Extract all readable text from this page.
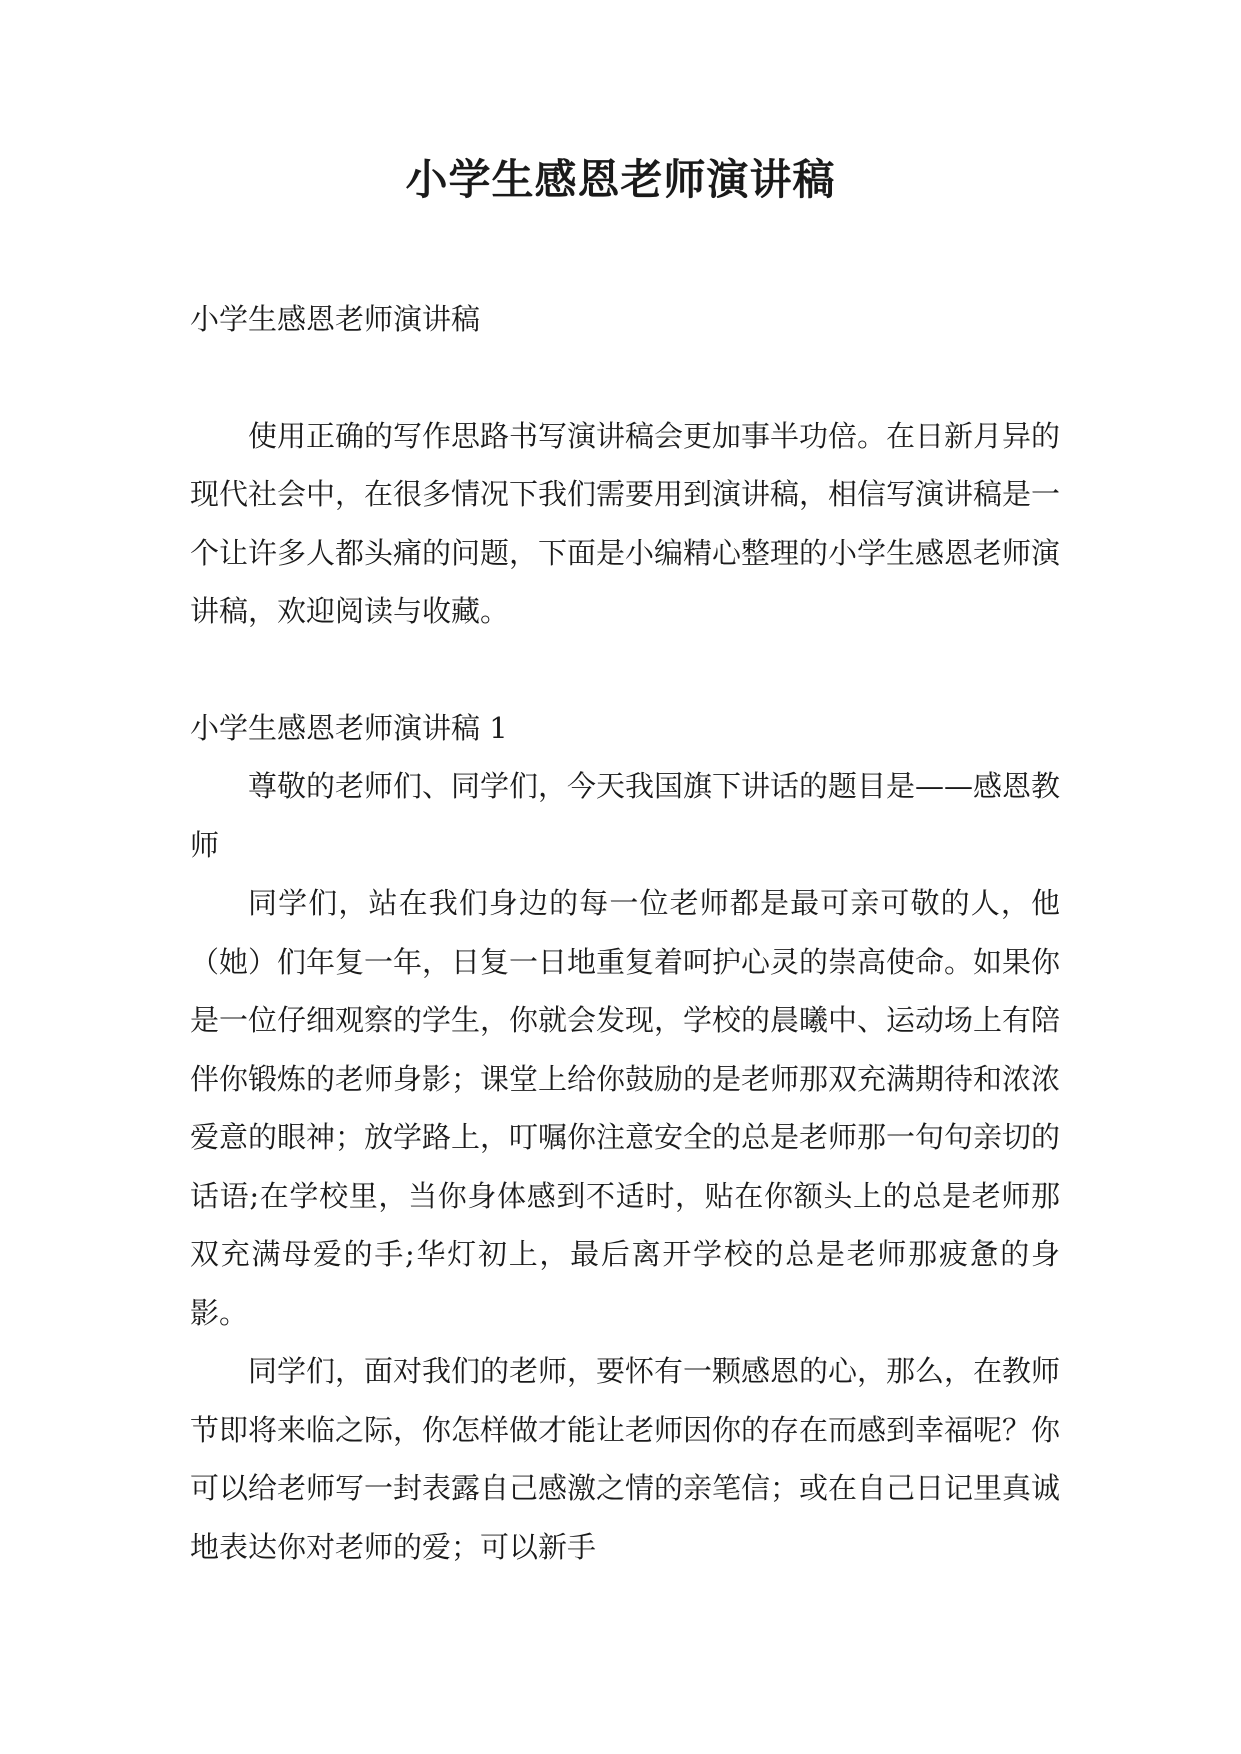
小学生感恩老师演讲稿

小学生感恩老师演讲稿

使用正确的写作思路书写演讲稿会更加事半功倍。在日新月异的现代社会中，在很多情况下我们需要用到演讲稿，相信写演讲稿是一个让许多人都头痛的问题，下面是小编精心整理的小学生感恩老师演讲稿，欢迎阅读与收藏。

小学生感恩老师演讲稿 1

尊敬的老师们、同学们，今天我国旗下讲话的题目是——感恩教师

同学们，站在我们身边的每一位老师都是最可亲可敬的人，他（她）们年复一年，日复一日地重复着呵护心灵的崇高使命。如果你是一位仔细观察的学生，你就会发现，学校的晨曦中、运动场上有陪伴你锻炼的老师身影；课堂上给你鼓励的是老师那双充满期待和浓浓爱意的眼神；放学路上，叮嘱你注意安全的总是老师那一句句亲切的话语;在学校里，当你身体感到不适时，贴在你额头上的总是老师那双充满母爱的手;华灯初上，最后离开学校的总是老师那疲惫的身影。

同学们，面对我们的老师，要怀有一颗感恩的心，那么，在教师节即将来临之际，你怎样做才能让老师因你的存在而感到幸福呢？你可以给老师写一封表露自己感激之情的亲笔信；或在自己日记里真诚地表达你对老师的爱；可以新手
